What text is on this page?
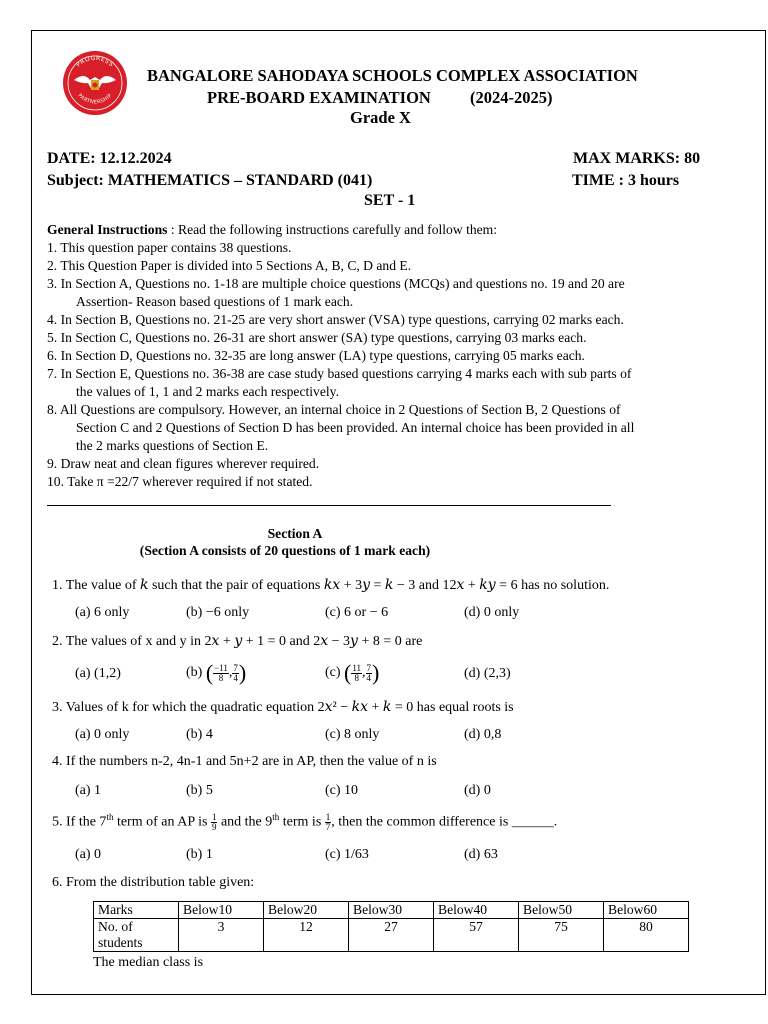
PROGRESS
PARTNERSHIP
BANGALORE SAHODAYA SCHOOLS COMPLEX ASSOCIATION
PRE-BOARD EXAMINATION (2024-2025)
Grade X
DATE: 12.12.2024	MAX MARKS: 80
Subject: MATHEMATICS – STANDARD (041)	TIME : 3 hours
SET - 1
General Instructions : Read the following instructions carefully and follow them:
1. This question paper contains 38 questions.
2. This Question Paper is divided into 5 Sections A, B, C, D and E.
3. In Section A, Questions no. 1-18 are multiple choice questions (MCQs) and questions no. 19 and 20 are
Assertion- Reason based questions of 1 mark each.
4. In Section B, Questions no. 21-25 are very short answer (VSA) type questions, carrying 02 marks each.
5. In Section C, Questions no. 26-31 are short answer (SA) type questions, carrying 03 marks each.
6. In Section D, Questions no. 32-35 are long answer (LA) type questions, carrying 05 marks each.
7. In Section E, Questions no. 36-38 are case study based questions carrying 4 marks each with sub parts of
the values of 1, 1 and 2 marks each respectively.
8. All Questions are compulsory. However, an internal choice in 2 Questions of Section B, 2 Questions of
Section C and 2 Questions of Section D has been provided. An internal choice has been provided in all
the 2 marks questions of Section E.
9. Draw neat and clean figures wherever required.
10. Take π =22/7 wherever required if not stated.
Section A
(Section A consists of 20 questions of 1 mark each)
1. The value of 𝑘 such that the pair of equations 𝑘𝑥 + 3𝑦 = 𝑘 − 3 and 12𝑥 + 𝑘𝑦 = 6 has no solution.
(a) 6 only	(b) −6 only	(c) 6 or − 6	(d) 0 only
2. The values of x and y in 2𝑥 + 𝑦 + 1 = 0 and 2𝑥 − 3𝑦 + 8 = 0 are
(a) (1,2)	(b) ( $\frac{-11}{8}$ , $\frac{7}{4}$ )	(c) ( $\frac{11}{8}$ , $\frac{7}{4}$ )	(d) (2,3)
3. Values of k for which the quadratic equation 2𝑥² − 𝑘𝑥 + 𝑘 = 0 has equal roots is
(a) 0 only	(b) 4	(c) 8 only	(d) 0,8
4. If the numbers n-2, 4n-1 and 5n+2 are in AP, then the value of n is
(a) 1	(b) 5	(c) 10	(d) 0
5. If the 7th term of an AP is $\frac{1}{9}$ and the 9th term is $\frac{1}{7}$ , then the common difference is ______.
(a) 0	(b) 1	(c) 1/63	(d) 63
6. From the distribution table given:
Marks	Below10	Below20	Below30	Below40	Below50	Below60

No. of
students	3	12	27	57	75	80
The median class is
